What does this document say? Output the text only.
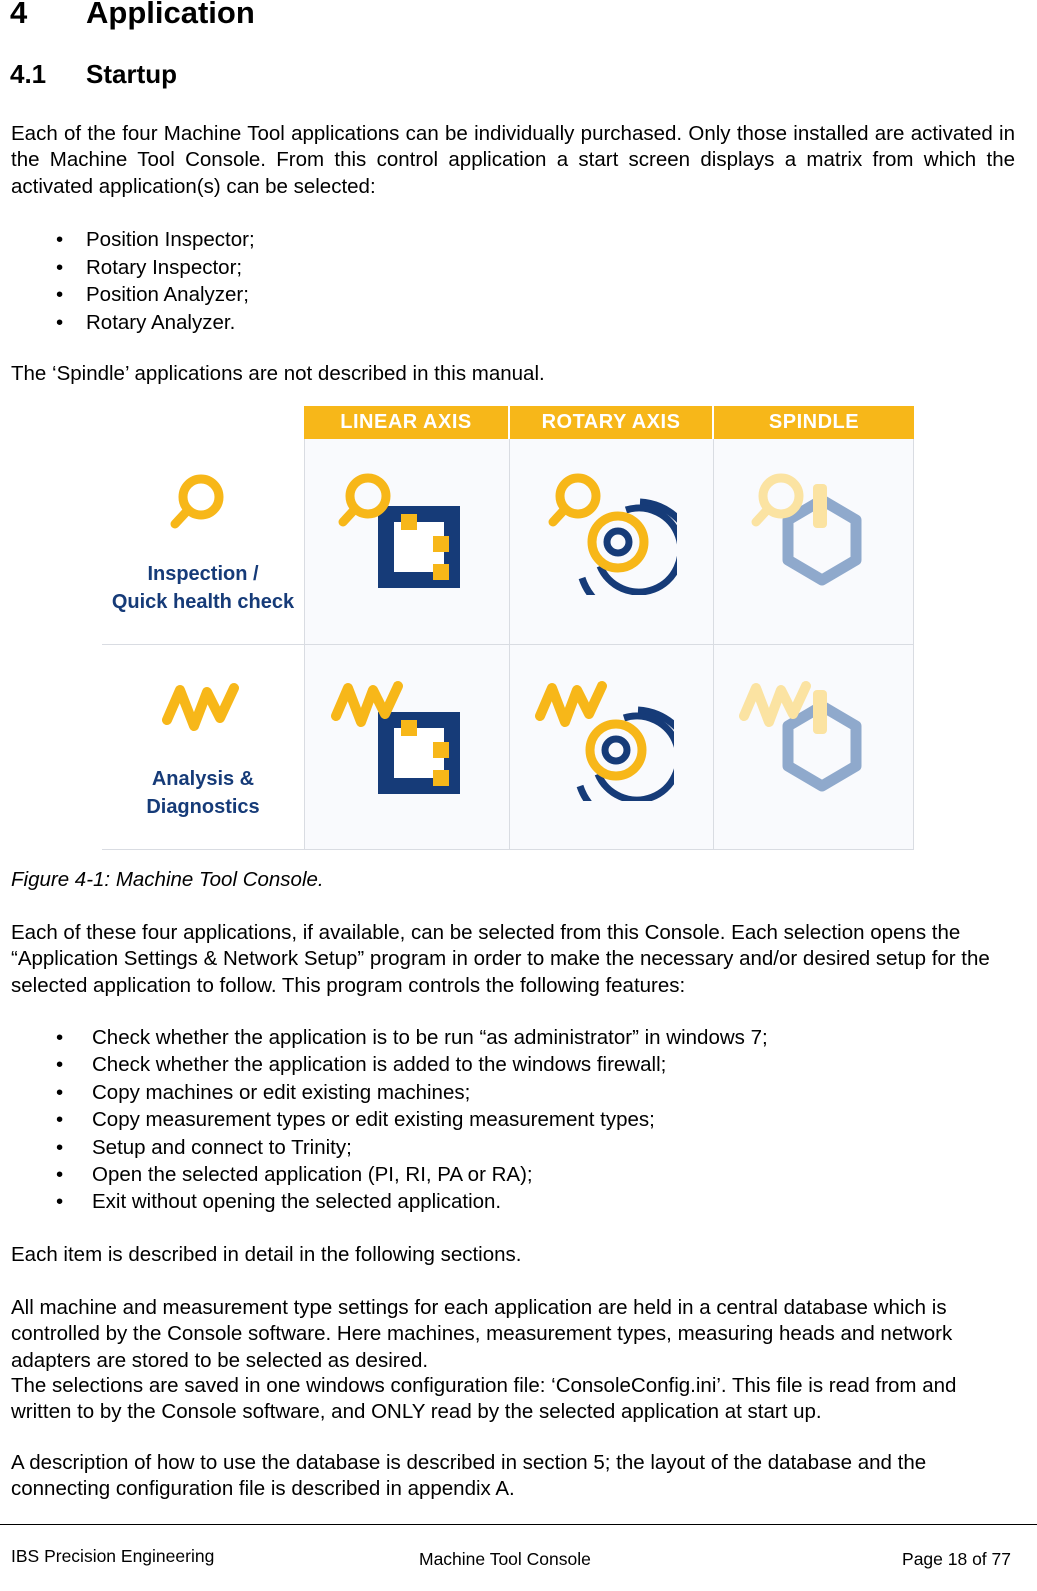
4 Application
4.1 Startup

Each of the four Machine Tool applications can be individually purchased. Only those installed are activated in the Machine Tool Console. From this control application a start screen displays a matrix from which the activated application(s) can be selected:

• Position Inspector;
• Rotary Inspector;
• Position Analyzer;
• Rotary Analyzer.

The ‘Spindle’ applications are not described in this manual.

LINEAR AXIS	ROTARY AXIS	SPINDLE
Inspection /
Quick health check
Analysis &
Diagnostics
Figure 4-1: Machine Tool Console.

Each of these four applications, if available, can be selected from this Console. Each selection opens the “Application Settings & Network Setup” program in order to make the necessary and/or desired setup for the selected application to follow. This program controls the following features:

• Check whether the application is to be run “as administrator” in windows 7;
• Check whether the application is added to the windows firewall;
• Copy machines or edit existing machines;
• Copy measurement types or edit existing measurement types;
• Setup and connect to Trinity;
• Open the selected application (PI, RI, PA or RA);
• Exit without opening the selected application.

Each item is described in detail in the following sections.

All machine and measurement type settings for each application are held in a central database which is controlled by the Console software. Here machines, measurement types, measuring heads and network adapters are stored to be selected as desired.

The selections are saved in one windows configuration file: ‘ConsoleConfig.ini’. This file is read from and written to by the Console software, and ONLY read by the selected application at start up.

A description of how to use the database is described in section 5; the layout of the database and the connecting configuration file is described in appendix A.

IBS Precision Engineering	Machine Tool Console	Page 18 of 77
